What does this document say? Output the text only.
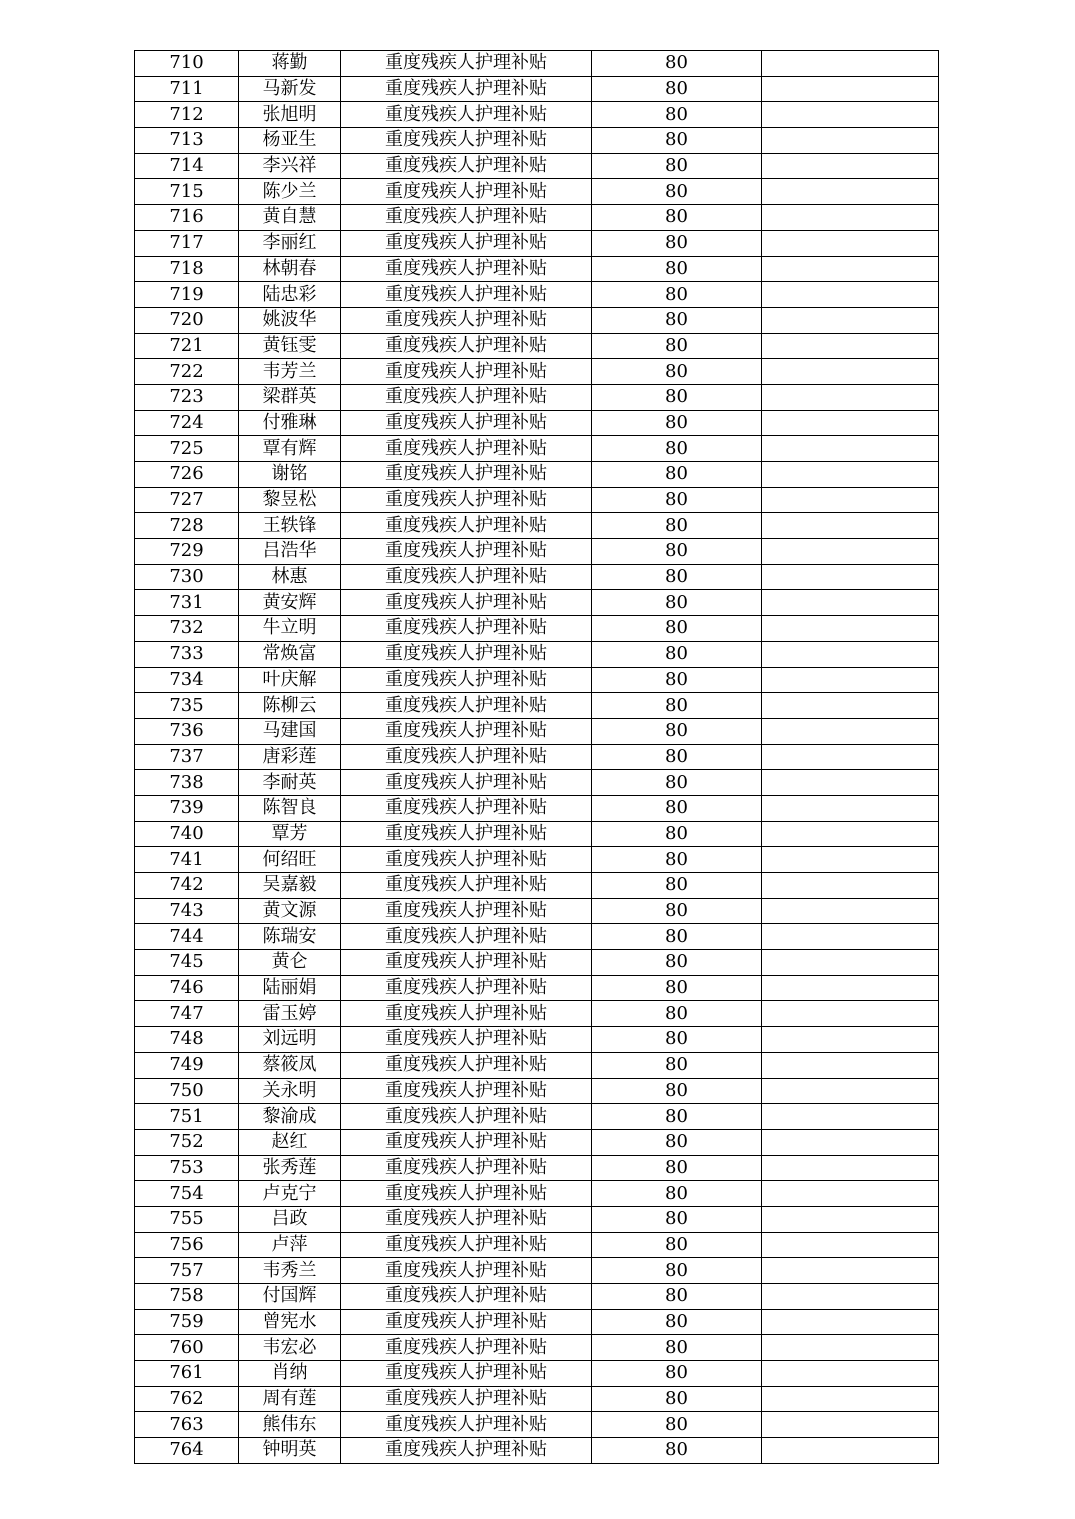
710	蒋勤	重度残疾人护理补贴	80	
711	马新发	重度残疾人护理补贴	80	
712	张旭明	重度残疾人护理补贴	80	
713	杨亚生	重度残疾人护理补贴	80	
714	李兴祥	重度残疾人护理补贴	80	
715	陈少兰	重度残疾人护理补贴	80	
716	黄自慧	重度残疾人护理补贴	80	
717	李丽红	重度残疾人护理补贴	80	
718	林朝春	重度残疾人护理补贴	80	
719	陆忠彩	重度残疾人护理补贴	80	
720	姚波华	重度残疾人护理补贴	80	
721	黄钰雯	重度残疾人护理补贴	80	
722	韦芳兰	重度残疾人护理补贴	80	
723	梁群英	重度残疾人护理补贴	80	
724	付雅琳	重度残疾人护理补贴	80	
725	覃有辉	重度残疾人护理补贴	80	
726	谢铭	重度残疾人护理补贴	80	
727	黎昱松	重度残疾人护理补贴	80	
728	王轶锋	重度残疾人护理补贴	80	
729	吕浩华	重度残疾人护理补贴	80	
730	林惠	重度残疾人护理补贴	80	
731	黄安辉	重度残疾人护理补贴	80	
732	牛立明	重度残疾人护理补贴	80	
733	常焕富	重度残疾人护理补贴	80	
734	叶庆解	重度残疾人护理补贴	80	
735	陈柳云	重度残疾人护理补贴	80	
736	马建国	重度残疾人护理补贴	80	
737	唐彩莲	重度残疾人护理补贴	80	
738	李耐英	重度残疾人护理补贴	80	
739	陈智良	重度残疾人护理补贴	80	
740	覃芳	重度残疾人护理补贴	80	
741	何绍旺	重度残疾人护理补贴	80	
742	吴嘉毅	重度残疾人护理补贴	80	
743	黄文源	重度残疾人护理补贴	80	
744	陈瑞安	重度残疾人护理补贴	80	
745	黄仑	重度残疾人护理补贴	80	
746	陆丽娟	重度残疾人护理补贴	80	
747	雷玉婷	重度残疾人护理补贴	80	
748	刘远明	重度残疾人护理补贴	80	
749	蔡筱凤	重度残疾人护理补贴	80	
750	关永明	重度残疾人护理补贴	80	
751	黎渝成	重度残疾人护理补贴	80	
752	赵红	重度残疾人护理补贴	80	
753	张秀莲	重度残疾人护理补贴	80	
754	卢克宁	重度残疾人护理补贴	80	
755	吕政	重度残疾人护理补贴	80	
756	卢萍	重度残疾人护理补贴	80	
757	韦秀兰	重度残疾人护理补贴	80	
758	付国辉	重度残疾人护理补贴	80	
759	曾宪水	重度残疾人护理补贴	80	
760	韦宏必	重度残疾人护理补贴	80	
761	肖纳	重度残疾人护理补贴	80	
762	周有莲	重度残疾人护理补贴	80	
763	熊伟东	重度残疾人护理补贴	80	
764	钟明英	重度残疾人护理补贴	80	
